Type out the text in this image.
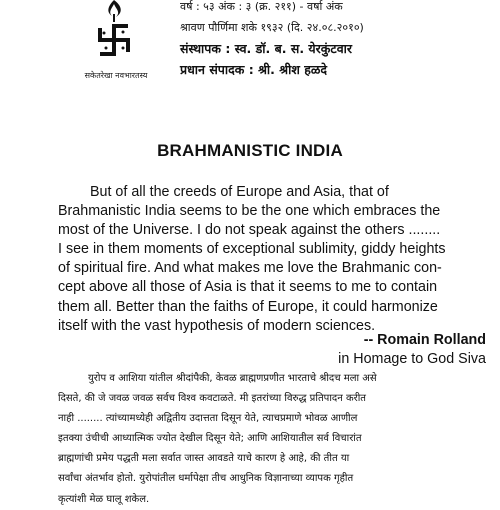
सकेतरेखा नवभारतस्य
वर्ष : ५३ अंक : ३ (क्र. २११) - वर्षा अंक
श्रावण पौर्णिमा शके १९३२ (दि. २४.०८.२०१०)
संस्थापक : स्व. डॉ. ब. स. येरकुंटवार
प्रधान संपादक : श्री. श्रीश हळदे
BRAHMANISTIC INDIA
But of all the creeds of Europe and Asia, that of
Brahmanistic India seems to be the one which embraces the
most of the Universe. I do not speak against the others ........
I see in them moments of exceptional sublimity, giddy heights
of spiritual fire. And what makes me love the Brahmanic con-
cept above all those of Asia is that it seems to me to contain
them all. Better than the faiths of Europe, it could harmonize
itself with the vast hypothesis of modern sciences.
-- Romain Rolland
in Homage to God Siva
युरोप व आशिया यांतील श्रीदांपैकी, केवळ ब्राह्मणप्रणीत भारताचे श्रीदच मला असे
दिसते, की जे जवळ जवळ सर्वच विश्व कवटाळते. मी इतरांच्या विरुद्ध प्रतिपादन करीत
नाही ........ त्यांच्यामध्येही अद्वितीय उदात्तता दिसून येते, त्याचप्रमाणे भोवळ आणील
इतक्या उंचीची आध्यात्मिक ज्योत देखील दिसून येते; आणि आशियातील सर्व विचारांत
ब्राह्मणांची प्रमेय पद्धती मला सर्वात जास्त आवडते याचे कारण हे आहे, की तीत या
सर्वांचा अंतर्भाव होतो. युरोपांतील धर्मापेक्षा तीच आधुनिक विज्ञानाच्या व्यापक गृहीत
कृत्यांशी मेळ घालू शकेल.
